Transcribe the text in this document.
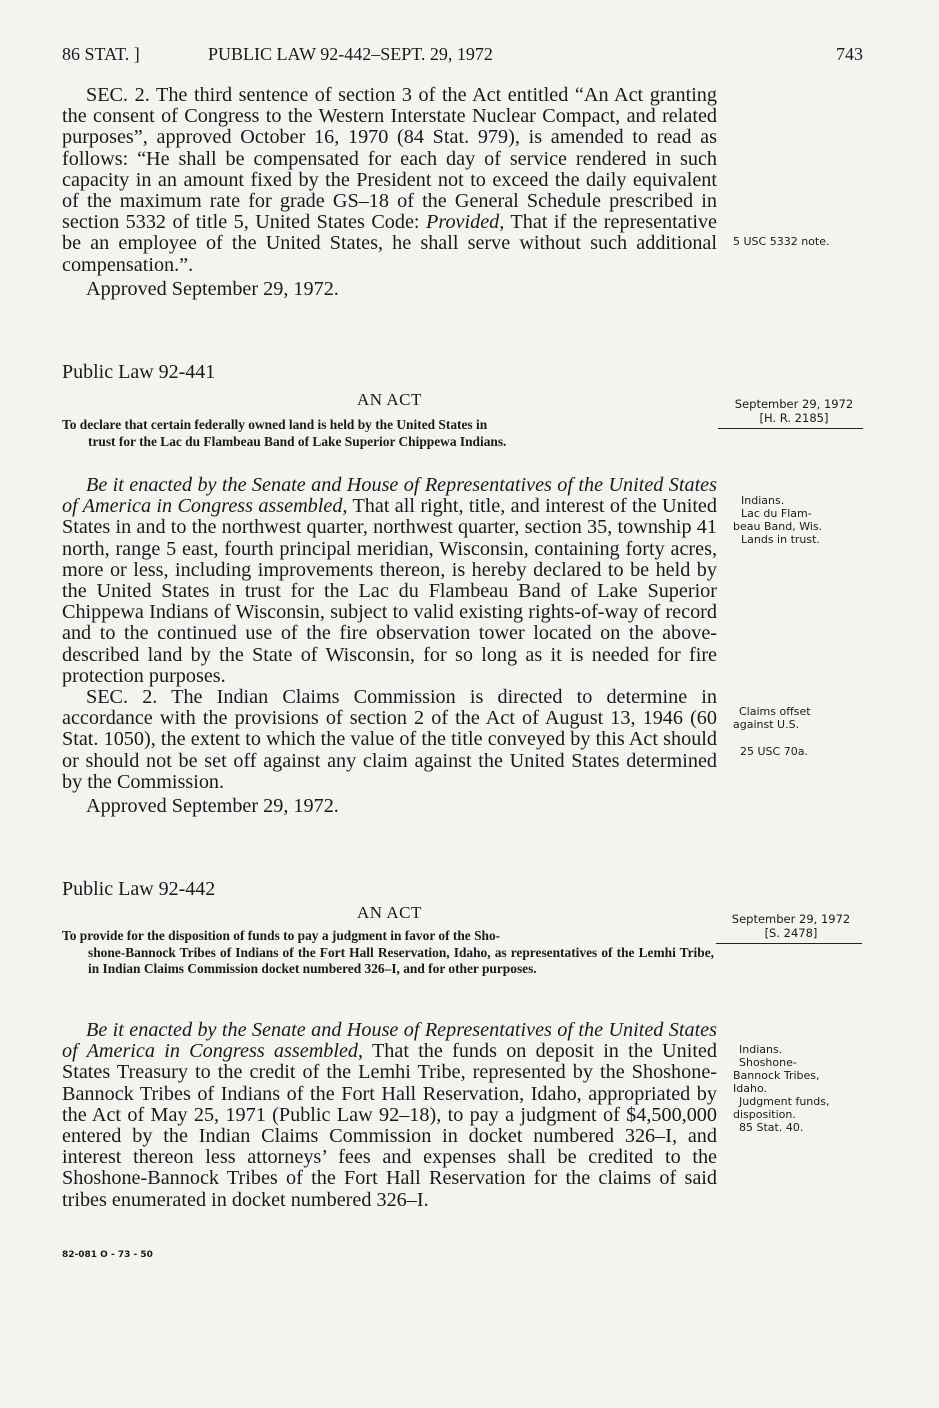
86 STAT. ]	PUBLIC LAW 92-442–SEPT. 29, 1972	743

SEC. 2. The third sentence of section 3 of the Act entitled “An Act granting the consent of Congress to the Western Interstate Nuclear Compact, and related purposes”, approved October 16, 1970 (84 Stat. 979), is amended to read as follows: “He shall be compensated for each day of service rendered in such capacity in an amount fixed by the President not to exceed the daily equivalent of the maximum rate for grade GS–18 of the General Schedule prescribed in section 5332 of title 5, United States Code: Provided, That if the representative be an employee of the United States, he shall serve without such additional compensation.”.

Approved September 29, 1972.

5 USC 5332 note.
Public Law 92-441
AN ACT	September 29, 1972
[H. R. 2185]
To declare that certain federally owned land is held by the United States in
trust for the Lac du Flambeau Band of Lake Superior Chippewa Indians.

Be it enacted by the Senate and House of Representatives of the United States of America in Congress assembled, That all right, title, and interest of the United States in and to the northwest quarter, northwest quarter, section 35, township 41 north, range 5 east, fourth principal meridian, Wisconsin, containing forty acres, more or less, including improvements thereon, is hereby declared to be held by the United States in trust for the Lac du Flambeau Band of Lake Superior Chippewa Indians of Wisconsin, subject to valid existing rights-of-way of record and to the continued use of the fire observation tower located on the above-described land by the State of Wisconsin, for so long as it is needed for fire protection purposes.

SEC. 2. The Indian Claims Commission is directed to determine in accordance with the provisions of section 2 of the Act of August 13, 1946 (60 Stat. 1050), the extent to which the value of the title conveyed by this Act should or should not be set off against any claim against the United States determined by the Commission.

Approved September 29, 1972.

Indians.
Lac du Flam-
beau Band, Wis.
Lands in trust.
Claims offset
against U.S.
25 USC 70a.
Public Law 92-442
AN ACT	September 29, 1972
[S. 2478]
To provide for the disposition of funds to pay a judgment in favor of the Sho-
shone-Bannock Tribes of Indians of the Fort Hall Reservation, Idaho, as representatives of the Lemhi Tribe, in Indian Claims Commission docket numbered 326–I, and for other purposes.

Be it enacted by the Senate and House of Representatives of the United States of America in Congress assembled, That the funds on deposit in the United States Treasury to the credit of the Lemhi Tribe, represented by the Shoshone-Bannock Tribes of Indians of the Fort Hall Reservation, Idaho, appropriated by the Act of May 25, 1971 (Public Law 92–18), to pay a judgment of $4,500,000 entered by the Indian Claims Commission in docket numbered 326–I, and interest thereon less attorneys’ fees and expenses shall be credited to the Shoshone-Bannock Tribes of the Fort Hall Reservation for the claims of said tribes enumerated in docket numbered 326–I.

Indians.
Shoshone-
Bannock Tribes,
Idaho.
Judgment funds,
disposition.
85 Stat. 40.
82-081 O - 73 - 50
